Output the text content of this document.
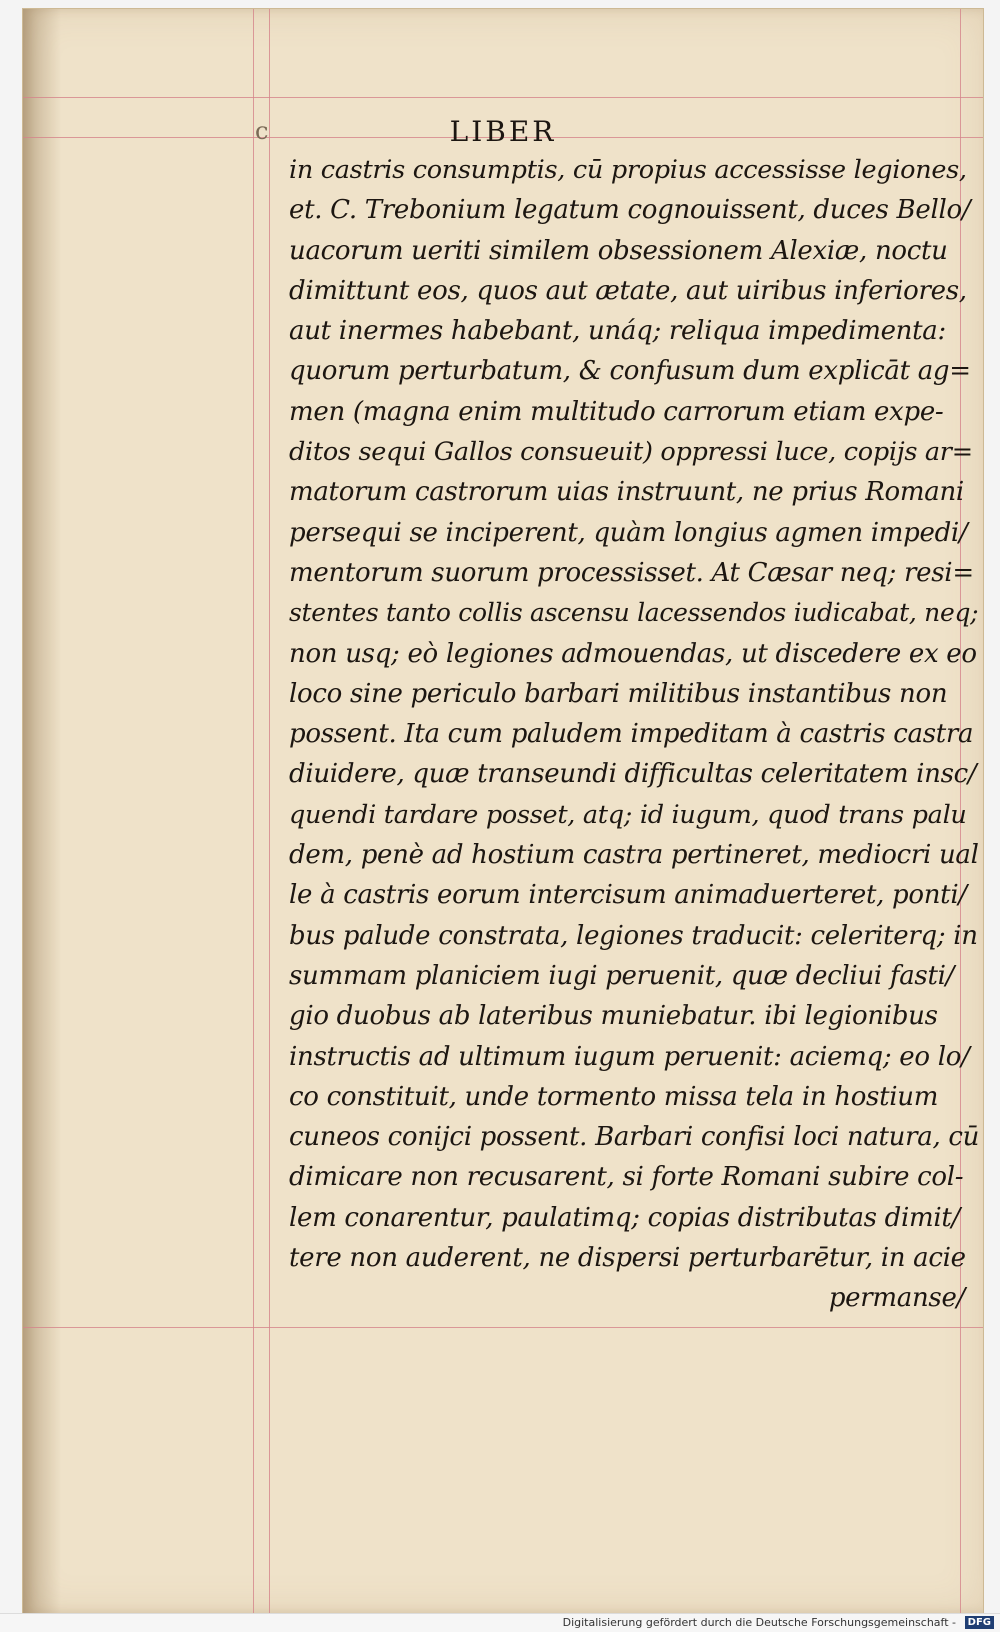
c	LIBER
in castris consumptis, cū propius accessisse legiones,
et. C. Trebonium legatum cognouissent, duces Bello/
uacorum ueriti similem obsessionem Alexiæ, noctu
dimittunt eos, quos aut ætate, aut uiribus inferiores,
aut inermes habebant, unáq; reliqua impedimenta:
quorum perturbatum, & confusum dum explicāt ag=
men (magna enim multitudo carrorum etiam expe-
ditos sequi Gallos consueuit) oppressi luce, copijs ar=
matorum castrorum uias instruunt, ne prius Romani
persequi se inciperent, quàm longius agmen impedi/
mentorum suorum processisset. At Cæsar neq; resi=
stentes tanto collis ascensu lacessendos iudicabat, neq;
non usq; eò legiones admouendas, ut discedere ex eo
loco sine periculo barbari militibus instantibus non
possent. Ita cum paludem impeditam à castris castra
diuidere, quæ transeundi difficultas celeritatem insc/
quendi tardare posset, atq; id iugum, quod trans palu
dem, penè ad hostium castra pertineret, mediocri ual
le à castris eorum intercisum animaduerteret, ponti/
bus palude constrata, legiones traducit: celeriterq; in
summam planiciem iugi peruenit, quæ decliui fasti/
gio duobus ab lateribus muniebatur. ibi legionibus
instructis ad ultimum iugum peruenit: aciemq; eo lo/
co constituit, unde tormento missa tela in hostium
cuneos conijci possent. Barbari confisi loci natura, cū
dimicare non recusarent, si forte Romani subire col-
lem conarentur, paulatimq; copias distributas dimit/
tere non auderent, ne dispersi perturbarētur, in acie
permanse/
Digitalisierung gefördert durch die Deutsche Forschungsgemeinschaft -	DFG
